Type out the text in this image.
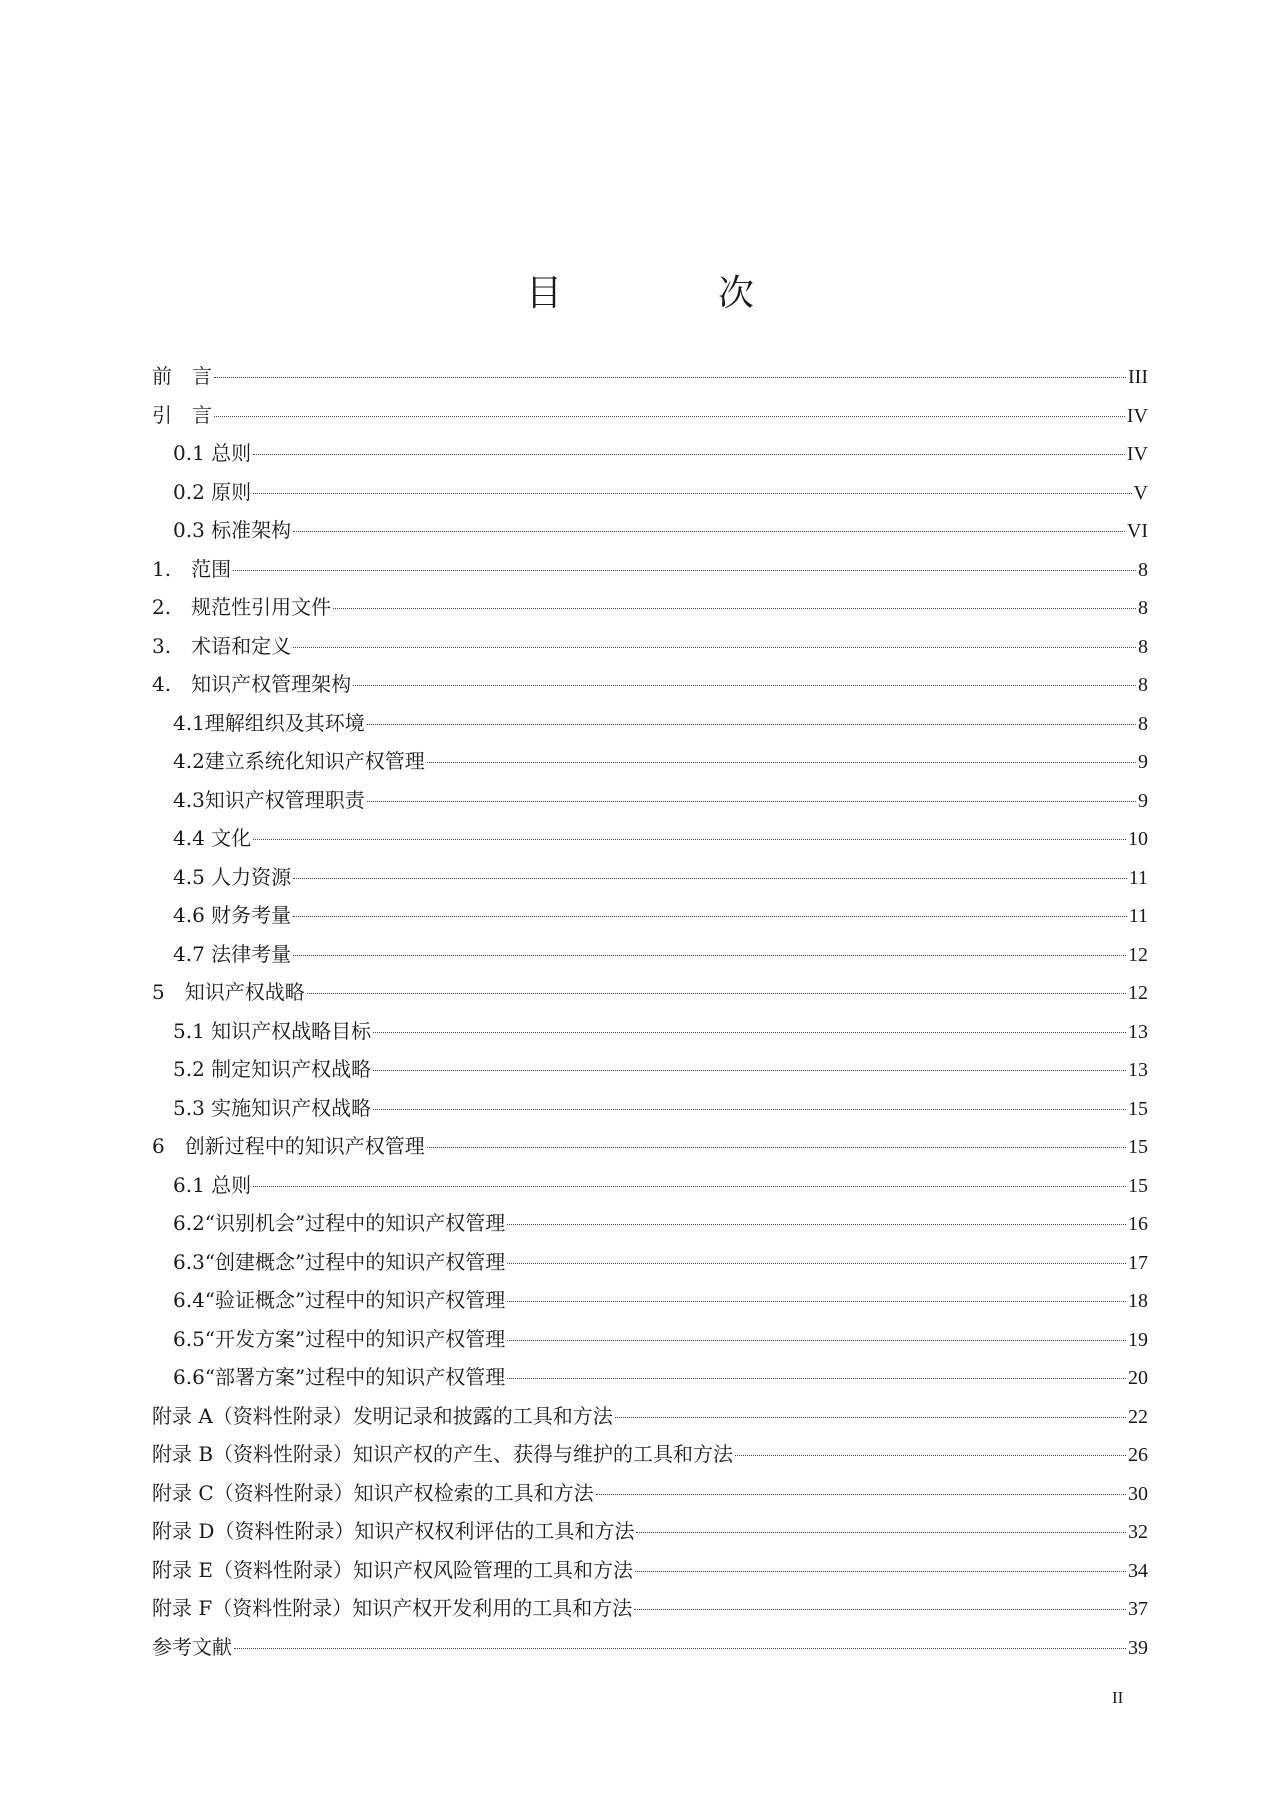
目　次
前　言	III
引　言	IV
0.1 总则	IV
0.2 原则	V
0.3 标准架构	VI
1.　范围	8
2.　规范性引用文件	8
3.　术语和定义	8
4.　知识产权管理架构	8
4.1理解组织及其环境	8
4.2建立系统化知识产权管理	9
4.3知识产权管理职责	9
4.4 文化	10
4.5 人力资源	11
4.6 财务考量	11
4.7 法律考量	12
5　知识产权战略	12
5.1 知识产权战略目标	13
5.2 制定知识产权战略	13
5.3 实施知识产权战略	15
6　创新过程中的知识产权管理	15
6.1 总则	15
6.2“识别机会”过程中的知识产权管理	16
6.3“创建概念”过程中的知识产权管理	17
6.4“验证概念”过程中的知识产权管理	18
6.5“开发方案”过程中的知识产权管理	19
6.6“部署方案”过程中的知识产权管理	20
附录 A（资料性附录）发明记录和披露的工具和方法	22
附录 B（资料性附录）知识产权的产生、获得与维护的工具和方法	26
附录 C（资料性附录）知识产权检索的工具和方法	30
附录 D（资料性附录）知识产权权利评估的工具和方法	32
附录 E（资料性附录）知识产权风险管理的工具和方法	34
附录 F（资料性附录）知识产权开发利用的工具和方法	37
参考文献	39
II
